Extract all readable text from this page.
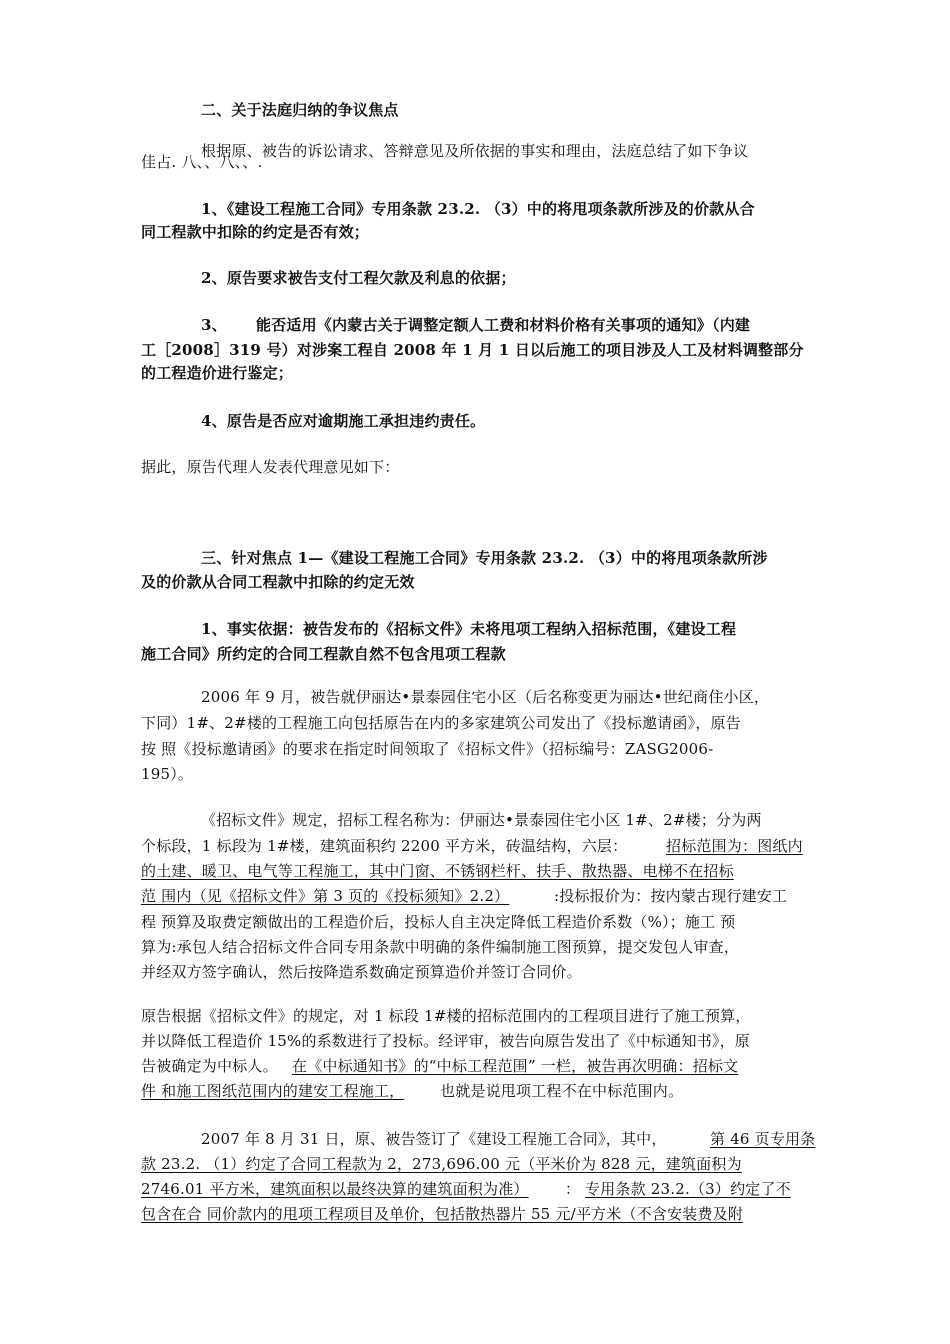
二、关于法庭归纳的争议焦点
根据原、被告的诉讼请求、答辩意见及所依据的事实和理由，法庭总结了如下争议
佳占. 八、、八、、.
1、《建设工程施工合同》专用条款 23.2. （3）中的将甩项条款所涉及的价款从合
同工程款中扣除的约定是否有效；
2、原告要求被告支付工程欠款及利息的依据；
3、 能否适用《内蒙古关于调整定额人工费和材料价格有关事项的通知》（内建
工［2008］319 号）对涉案工程自 2008 年 1 月 1 日以后施工的项目涉及人工及材料调整部分
的工程造价进行鉴定；
4、原告是否应对逾期施工承担违约责任。
据此，原告代理人发表代理意见如下：
三、针对焦点 1—《建设工程施工合同》专用条款 23.2. （3）中的将甩项条款所涉
及的价款从合同工程款中扣除的约定无效
1、事实依据：被告发布的《招标文件》未将甩项工程纳入招标范围，《建设工程
施工合同》所约定的合同工程款自然不包含甩项工程款
2006 年 9 月，被告就伊丽达•景泰园住宅小区（后名称变更为丽达•世纪商住小区，
下同）1#、2#楼的工程施工向包括原告在内的多家建筑公司发出了《投标邀请函》，原告
按 照《投标邀请函》的要求在指定时间领取了《招标文件》（招标编号：ZASG2006-
195）。
《招标文件》规定，招标工程名称为：伊丽达•景泰园住宅小区 1#、2#楼；分为两
个标段，1 标段为 1#楼，建筑面积约 2200 平方米，砖温结构，六层：	招标范围为：图纸内
的土建、暖卫、电气等工程施工，其中门窗、不锈钢栏杆、扶手、散热器、电梯不在招标
范 围内（见《招标文件》第 3 页的《投标须知》2.2）	:投标报价为：按内蒙古现行建安工
程 预算及取费定额做出的工程造价后，投标人自主决定降低工程造价系数（%）；施工 预
算为:承包人结合招标文件合同专用条款中明确的条件编制施工图预算，提交发包人审查，
并经双方签字确认，然后按降造系数确定预算造价并签订合同价。
原告根据《招标文件》的规定，对 1 标段 1#楼的招标范围内的工程项目进行了施工预算，
并以降低工程造价 15%的系数进行了投标。经评审，被告向原告发出了《中标通知书》，原
告被确定为中标人。 在《中标通知书》的“中标工程范围” 一栏，被告再次明确：招标文
件 和施工图纸范围内的建安工程施工， 也就是说甩项工程不在中标范围内。
2007 年 8 月 31 日，原、被告签订了《建设工程施工合同》，其中，	第 46 页专用条
款 23.2. （1）约定了合同工程款为 2，273,696.00 元（平米价为 828 元，建筑面积为
2746.01 平方米，建筑面积以最终决算的建筑面积为准） ： 专用条款 23.2.（3）约定了不
包含在合 同价款内的甩项工程项目及单价，包括散热器片 55 元/平方米（不含安装费及附
